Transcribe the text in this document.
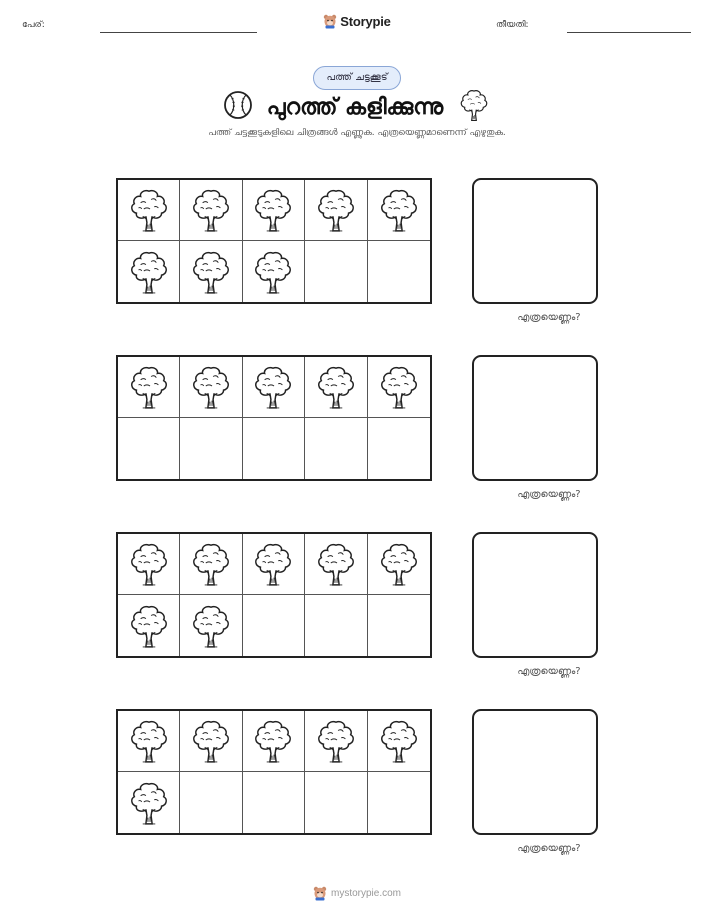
പേര്:	Storypie	തീയതി:
പത്ത് ചട്ടക്കൂട്
പുറത്ത് കളിക്കുന്നു
പത്ത് ചട്ടക്കൂടുകളിലെ ചിത്രങ്ങൾ എണ്ണുക. എത്രയെണ്ണമാണെന്ന് എഴുതുക.
എത്രയെണ്ണം?
എത്രയെണ്ണം?
എത്രയെണ്ണം?
എത്രയെണ്ണം?
mystorypie.com
